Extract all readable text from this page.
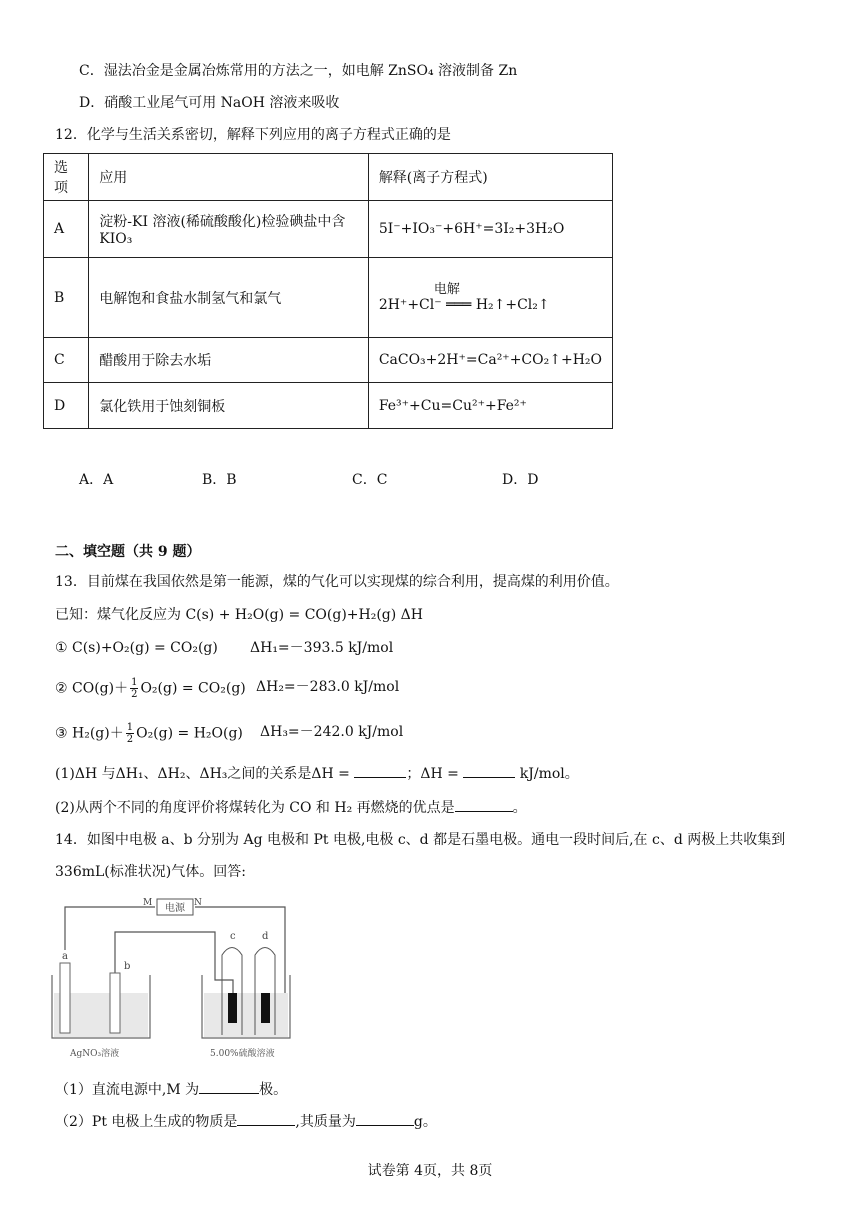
C．湿法冶金是金属冶炼常用的方法之一，如电解 ZnSO₄ 溶液制备 Zn
D．硝酸工业尾气可用 NaOH 溶液来吸收
12．化学与生活关系密切，解释下列应用的离子方程式正确的是
选项	应用	解释(离子方程式)
A	淀粉-KI 溶液(稀硫酸酸化)检验碘盐中含 KIO₃	5I⁻+IO₃⁻+6H⁺=3I₂+3H₂O
B	电解饱和食盐水制氢气和氯气	电解
2H⁺+Cl⁻ ═══ H₂↑+Cl₂↑

C	醋酸用于除去水垢	CaCO₃+2H⁺=Ca²⁺+CO₂↑+H₂O
D	氯化铁用于蚀刻铜板	Fe³⁺+Cu=Cu²⁺+Fe²⁺
A．A	B．B	C．C	D．D
二、填空题（共 9 题）
13．目前煤在我国依然是第一能源，煤的气化可以实现煤的综合利用，提高煤的利用价值。
已知：煤气化反应为 C(s) + H₂O(g) = CO(g)+H₂(g) ΔH
① C(s)+O₂(g) = CO₂(g) ΔH₁=－393.5 kJ/mol
② $CO(g)+ \frac{1}{2} O_2(g) = CO_2(g)$ ΔH₂=－283.0 kJ/mol
③ $H_2(g)+ \frac{1}{2} O_2(g) = H_2O(g)$ ΔH₃=－242.0 kJ/mol
(1)ΔH 与ΔH₁、ΔH₂、ΔH₃之间的关系是ΔH =	；ΔH =	kJ/mol。
(2)从两个不同的角度评价将煤转化为 CO 和 H₂ 再燃烧的优点是	。
14．如图中电极 a、b 分别为 Ag 电极和 Pt 电极,电极 c、d 都是石墨电极。通电一段时间后,在 c、d 两极上共收集到
336mL(标准状况)气体。回答:
电源
M	N
a
b
c	d
AgNO₃溶液	5.00%硫酸溶液
（1）直流电源中,M 为	极。
（2）Pt 电极上生成的物质是	,其质量为	g。
试卷第 4页，共 8页
